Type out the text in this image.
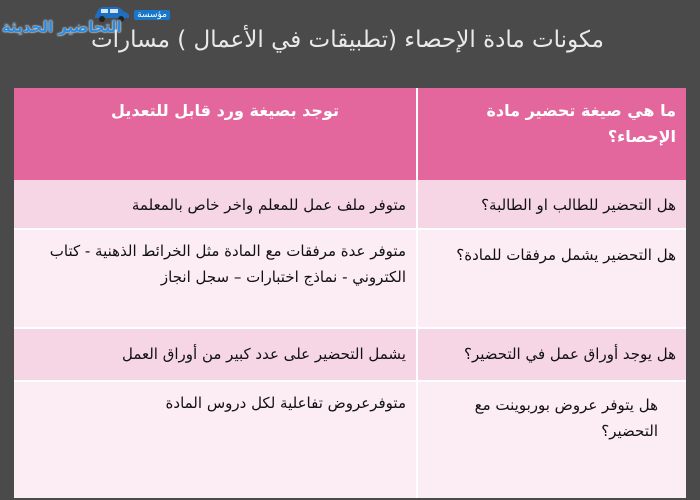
مؤسسة
التحاضير الحديثة
مكونات مادة الإحصاء (تطبيقات في الأعمال ) مسارات
ما هي صيغة تحضير مادة الإحصاء؟
توجد بصيغة ورد قابل للتعديل
هل التحضير للطالب او الطالبة؟
متوفر ملف عمل للمعلم واخر خاص بالمعلمة
هل التحضير يشمل مرفقات للمادة؟
متوفر عدة مرفقات مع المادة مثل الخرائط الذهنية - كتاب الكتروني - نماذج اختبارات – سجل انجاز
هل يوجد أوراق عمل في التحضير؟
يشمل التحضير على عدد كبير من أوراق العمل
هل يتوفر عروض بوربوينت مع التحضير؟
متوفرعروض تفاعلية لكل دروس المادة
